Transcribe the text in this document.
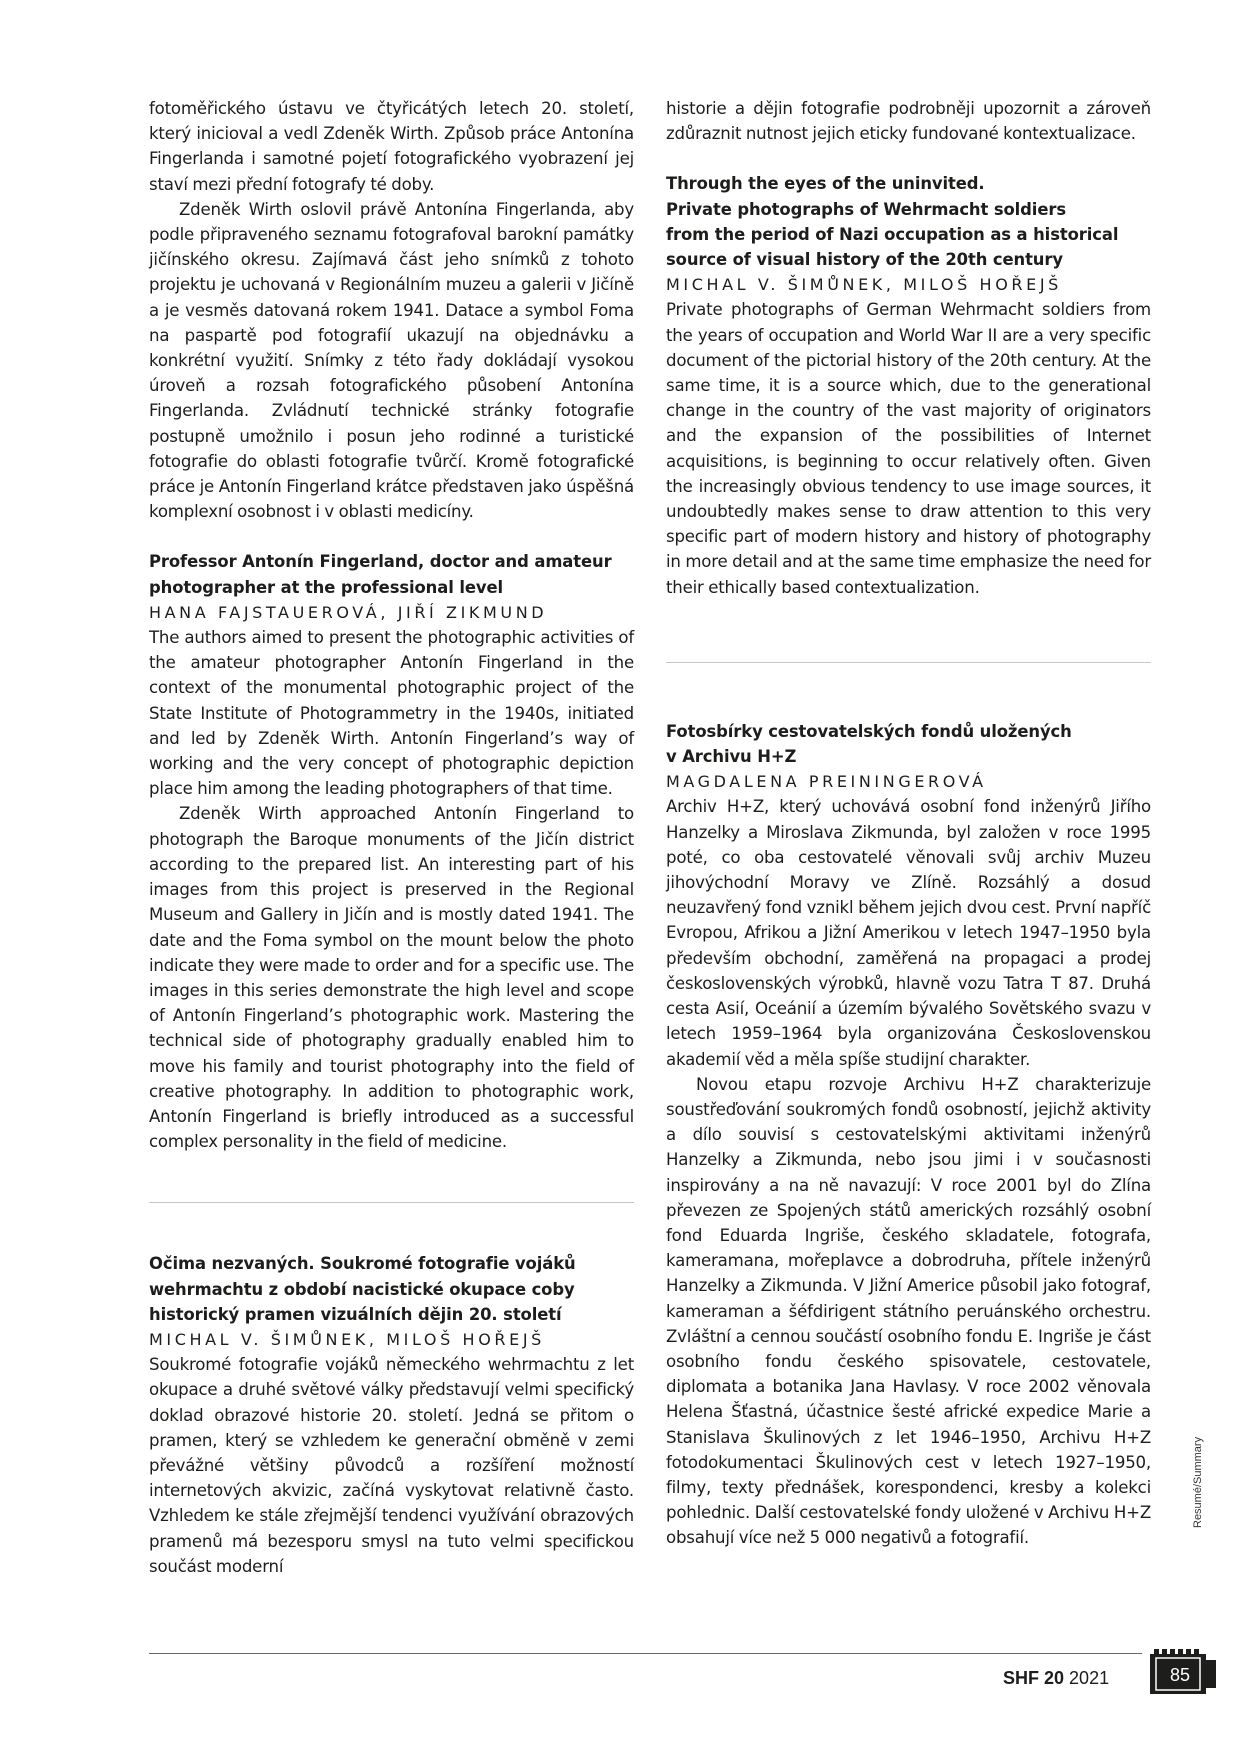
fotoměřického ústavu ve čtyřicátých letech 20. století, který inicioval a vedl Zdeněk Wirth. Způsob práce Antonína Fingerlanda i samotné pojetí fotografického vyobrazení jej staví mezi přední fotografy té doby.

Zdeněk Wirth oslovil právě Antonína Fingerlanda, aby podle připraveného seznamu fotografoval barokní památky jičínského okresu. Zajímavá část jeho snímků z tohoto projektu je uchovaná v Regionálním muzeu a galerii v Jičíně a je vesměs datovaná rokem 1941. Datace a symbol Foma na paspartě pod fotografií ukazují na objednávku a konkrétní využití. Snímky z této řady dokládají vysokou úroveň a rozsah fotografického působení Antonína Fingerlanda. Zvládnutí technické stránky fotografie postupně umožnilo i posun jeho rodinné a turistické fotografie do oblasti fotografie tvůrčí. Kromě fotografické práce je Antonín Fingerland krátce představen jako úspěšná komplexní osobnost i v oblasti medicíny.

Professor Antonín Fingerland, doctor and amateur

photographer at the professional level

HANA FAJSTAUEROVÁ, JIŘÍ ZIKMUND

The authors aimed to present the photographic activities of the amateur photographer Antonín Fingerland in the context of the monumental photographic project of the State Institute of Photogrammetry in the 1940s, initiated and led by Zdeněk Wirth. Antonín Fingerland’s way of working and the very concept of photographic depiction place him among the leading photographers of that time.

Zdeněk Wirth approached Antonín Fingerland to photograph the Baroque monuments of the Jičín district according to the prepared list. An interesting part of his images from this project is preserved in the Regional Museum and Gallery in Jičín and is mostly dated 1941. The date and the Foma symbol on the mount below the photo indicate they were made to order and for a specific use. The images in this series demonstrate the high level and scope of Antonín Fingerland’s photographic work. Mastering the technical side of photography gradually enabled him to move his family and tourist photography into the field of creative photography. In addition to photographic work, Antonín Fingerland is briefly introduced as a successful complex personality in the field of medicine.

Očima nezvaných. Soukromé fotografie vojáků

wehrmachtu z období nacistické okupace coby

historický pramen vizuálních dějin 20. století

MICHAL V. ŠIMŮNEK, MILOŠ HOŘEJŠ

Soukromé fotografie vojáků německého wehrmachtu z let okupace a druhé světové války představují velmi specifický doklad obrazové historie 20. století. Jedná se přitom o pramen, který se vzhledem ke generační obměně v zemi převážné většiny původců a rozšíření možností internetových akvizic, začíná vyskytovat relativně často. Vzhledem ke stále zřejmější tendenci využívání obrazových pramenů má bezesporu smysl na tuto velmi specifickou součást moderní

historie a dějin fotografie podrobněji upozornit a zároveň zdůraznit nutnost jejich eticky fundované kontextualizace.

Through the eyes of the uninvited.

Private photographs of Wehrmacht soldiers

from the period of Nazi occupation as a historical

source of visual history of the 20th century

MICHAL V. ŠIMŮNEK, MILOŠ HOŘEJŠ

Private photographs of German Wehrmacht soldiers from the years of occupation and World War II are a very specific document of the pictorial history of the 20th century. At the same time, it is a source which, due to the generational change in the country of the vast majority of originators and the expansion of the possibilities of Internet acquisitions, is beginning to occur relatively often. Given the increasingly obvious tendency to use image sources, it undoubtedly makes sense to draw attention to this very specific part of modern history and history of photography in more detail and at the same time emphasize the need for their ethically based contextualization.

Fotosbírky cestovatelských fondů uložených

v Archivu H+Z

MAGDALENA PREININGEROVÁ

Archiv H+Z, který uchovává osobní fond inženýrů Jiřího Hanzelky a Miroslava Zikmunda, byl založen v roce 1995 poté, co oba cestovatelé věnovali svůj archiv Muzeu jihovýchodní Moravy ve Zlíně. Rozsáhlý a dosud neuzavřený fond vznikl během jejich dvou cest. První napříč Evropou, Afrikou a Jižní Amerikou v letech 1947–1950 byla především obchodní, zaměřená na propagaci a prodej československých výrobků, hlavně vozu Tatra T 87. Druhá cesta Asií, Oceánií a územím bývalého Sovětského svazu v letech 1959–1964 byla organizována Československou akademií věd a měla spíše studijní charakter.

Novou etapu rozvoje Archivu H+Z charakterizuje soustřeďování soukromých fondů osobností, jejichž aktivity a dílo souvisí s cestovatelskými aktivitami inženýrů Hanzelky a Zikmunda, nebo jsou jimi i v současnosti inspirovány a na ně navazují: V roce 2001 byl do Zlína převezen ze Spojených států amerických rozsáhlý osobní fond Eduarda Ingriše, českého skladatele, fotografa, kameramana, mořeplavce a dobrodruha, přítele inženýrů Hanzelky a Zikmunda. V Jižní Americe působil jako fotograf, kameraman a šéfdirigent státního peruánského orchestru. Zvláštní a cennou součástí osobního fondu E. Ingriše je část osobního fondu českého spisovatele, cestovatele, diplomata a botanika Jana Havlasy. V roce 2002 věnovala Helena Šťastná, účastnice šesté africké expedice Marie a Stanislava Škulinových z let 1946–1950, Archivu H+Z fotodokumentaci Škulinových cest v letech 1927–1950, filmy, texty přednášek, korespondenci, kresby a kolekci pohlednic. Další cestovatelské fondy uložené v Archivu H+Z obsahují více než 5 000 negativů a fotografií.

Resumé/Summary
SHF 20 2021	85
